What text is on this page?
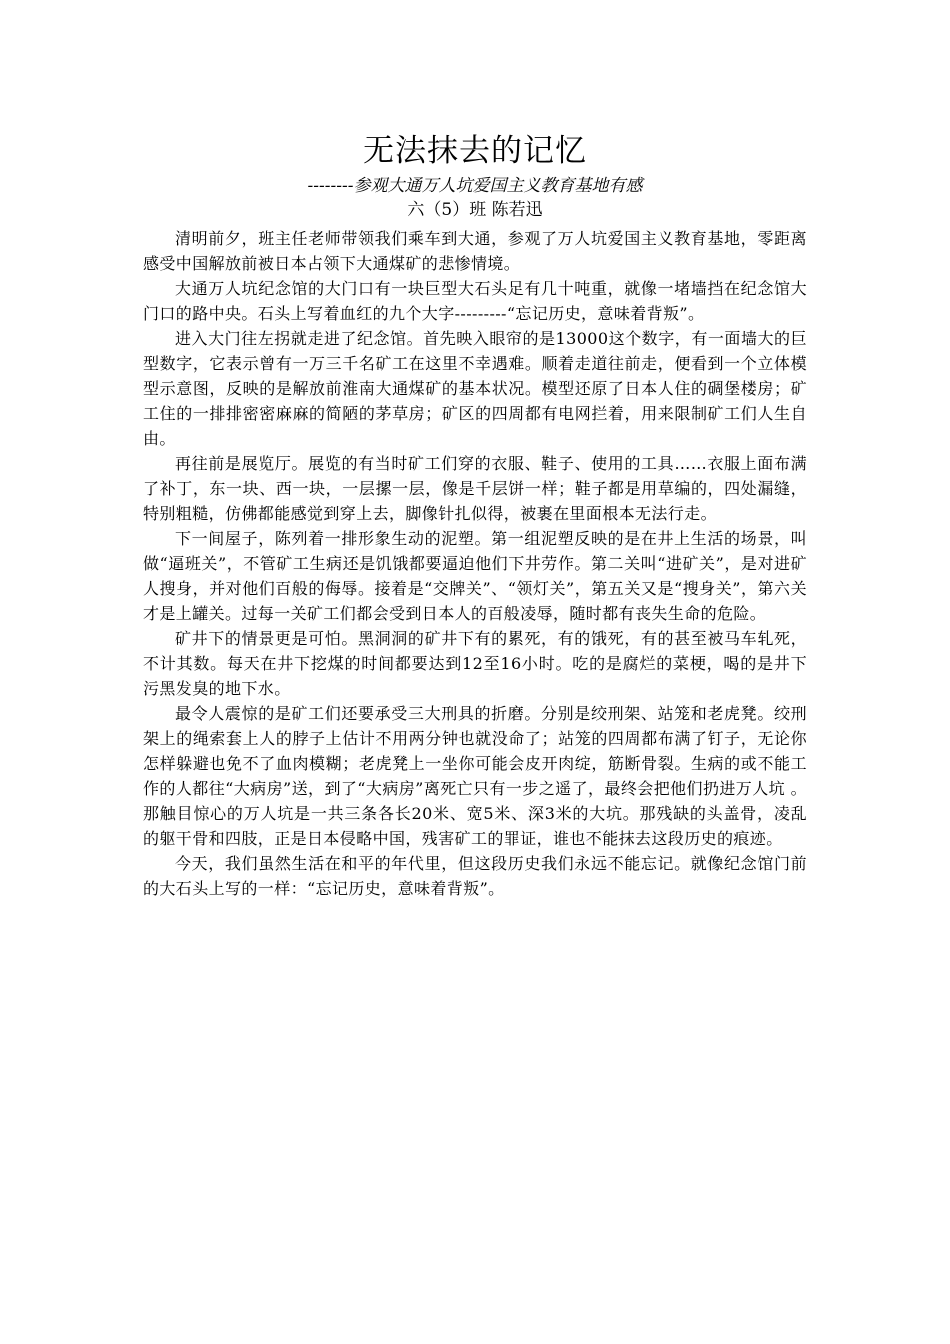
无法抹去的记忆
--------参观大通万人坑爱国主义教育基地有感
六（5）班 陈若迅

清明前夕，班主任老师带领我们乘车到大通，参观了万人坑爱国主义教育基地，零距离感受中国解放前被日本占领下大通煤矿的悲惨情境。

大通万人坑纪念馆的大门口有一块巨型大石头足有几十吨重，就像一堵墙挡在纪念馆大门口的路中央。石头上写着血红的九个大字---------“忘记历史，意味着背叛”。

进入大门往左拐就走进了纪念馆。首先映入眼帘的是13000这个数字，有一面墙大的巨型数字，它表示曾有一万三千名矿工在这里不幸遇难。顺着走道往前走，便看到一个立体模型示意图，反映的是解放前淮南大通煤矿的基本状况。模型还原了日本人住的碉堡楼房；矿工住的一排排密密麻麻的简陋的茅草房；矿区的四周都有电网拦着，用来限制矿工们人生自由。

再往前是展览厅。展览的有当时矿工们穿的衣服、鞋子、使用的工具……衣服上面布满了补丁，东一块、西一块，一层摞一层，像是千层饼一样；鞋子都是用草编的，四处漏缝，特别粗糙，仿佛都能感觉到穿上去，脚像针扎似得，被裹在里面根本无法行走。

下一间屋子，陈列着一排形象生动的泥塑。第一组泥塑反映的是在井上生活的场景，叫做“逼班关”，不管矿工生病还是饥饿都要逼迫他们下井劳作。第二关叫“进矿关”，是对进矿人搜身，并对他们百般的侮辱。接着是“交牌关”、“领灯关”，第五关又是“搜身关”，第六关才是上罐关。过每一关矿工们都会受到日本人的百般凌辱，随时都有丧失生命的危险。

矿井下的情景更是可怕。黑洞洞的矿井下有的累死，有的饿死，有的甚至被马车轧死，不计其数。每天在井下挖煤的时间都要达到12至16小时。吃的是腐烂的菜梗，喝的是井下污黑发臭的地下水。

最令人震惊的是矿工们还要承受三大刑具的折磨。分别是绞刑架、站笼和老虎凳。绞刑架上的绳索套上人的脖子上估计不用两分钟也就没命了；站笼的四周都布满了钉子，无论你怎样躲避也免不了血肉模糊；老虎凳上一坐你可能会皮开肉绽，筋断骨裂。生病的或不能工作的人都往“大病房”送，到了“大病房”离死亡只有一步之遥了，最终会把他们扔进万人坑 。那触目惊心的万人坑是一共三条各长20米、宽5米、深3米的大坑。那残缺的头盖骨，凌乱的躯干骨和四肢，正是日本侵略中国，残害矿工的罪证，谁也不能抹去这段历史的痕迹。

今天，我们虽然生活在和平的年代里，但这段历史我们永远不能忘记。就像纪念馆门前的大石头上写的一样：“忘记历史，意味着背叛”。
